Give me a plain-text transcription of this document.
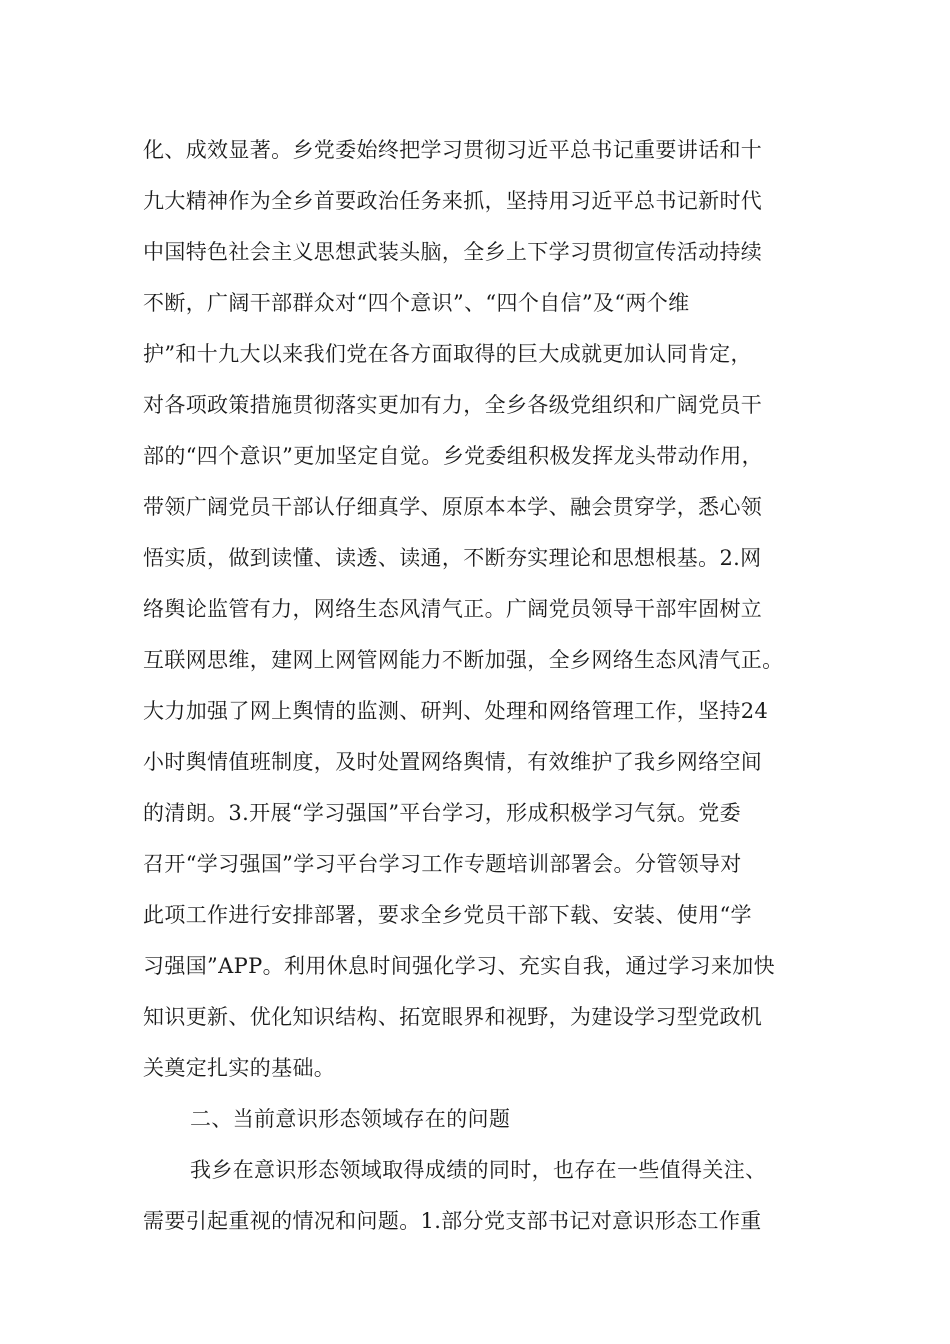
化、成效显著。乡党委始终把学习贯彻习近平总书记重要讲话和十
九大精神作为全乡首要政治任务来抓，坚持用习近平总书记新时代
中国特色社会主义思想武装头脑，全乡上下学习贯彻宣传活动持续
不断，广阔干部群众对“四个意识”、“四个自信”及“两个维
护”和十九大以来我们党在各方面取得的巨大成就更加认同肯定，
对各项政策措施贯彻落实更加有力，全乡各级党组织和广阔党员干
部的“四个意识”更加坚定自觉。乡党委组积极发挥龙头带动作用，
带领广阔党员干部认仔细真学、原原本本学、融会贯穿学，悉心领
悟实质，做到读懂、读透、读通，不断夯实理论和思想根基。2.网
络舆论监管有力，网络生态风清气正。广阔党员领导干部牢固树立
互联网思维，建网上网管网能力不断加强，全乡网络生态风清气正。
大力加强了网上舆情的监测、研判、处理和网络管理工作，坚持24
小时舆情值班制度，及时处置网络舆情，有效维护了我乡网络空间
的清朗。3.开展“学习强国”平台学习，形成积极学习气氛。党委
召开“学习强国”学习平台学习工作专题培训部署会。分管领导对
此项工作进行安排部署，要求全乡党员干部下载、安装、使用“学
习强国”APP。利用休息时间强化学习、充实自我，通过学习来加快
知识更新、优化知识结构、拓宽眼界和视野，为建设学习型党政机
关奠定扎实的基础。
二、当前意识形态领域存在的问题
我乡在意识形态领域取得成绩的同时，也存在一些值得关注、
需要引起重视的情况和问题。1.部分党支部书记对意识形态工作重
